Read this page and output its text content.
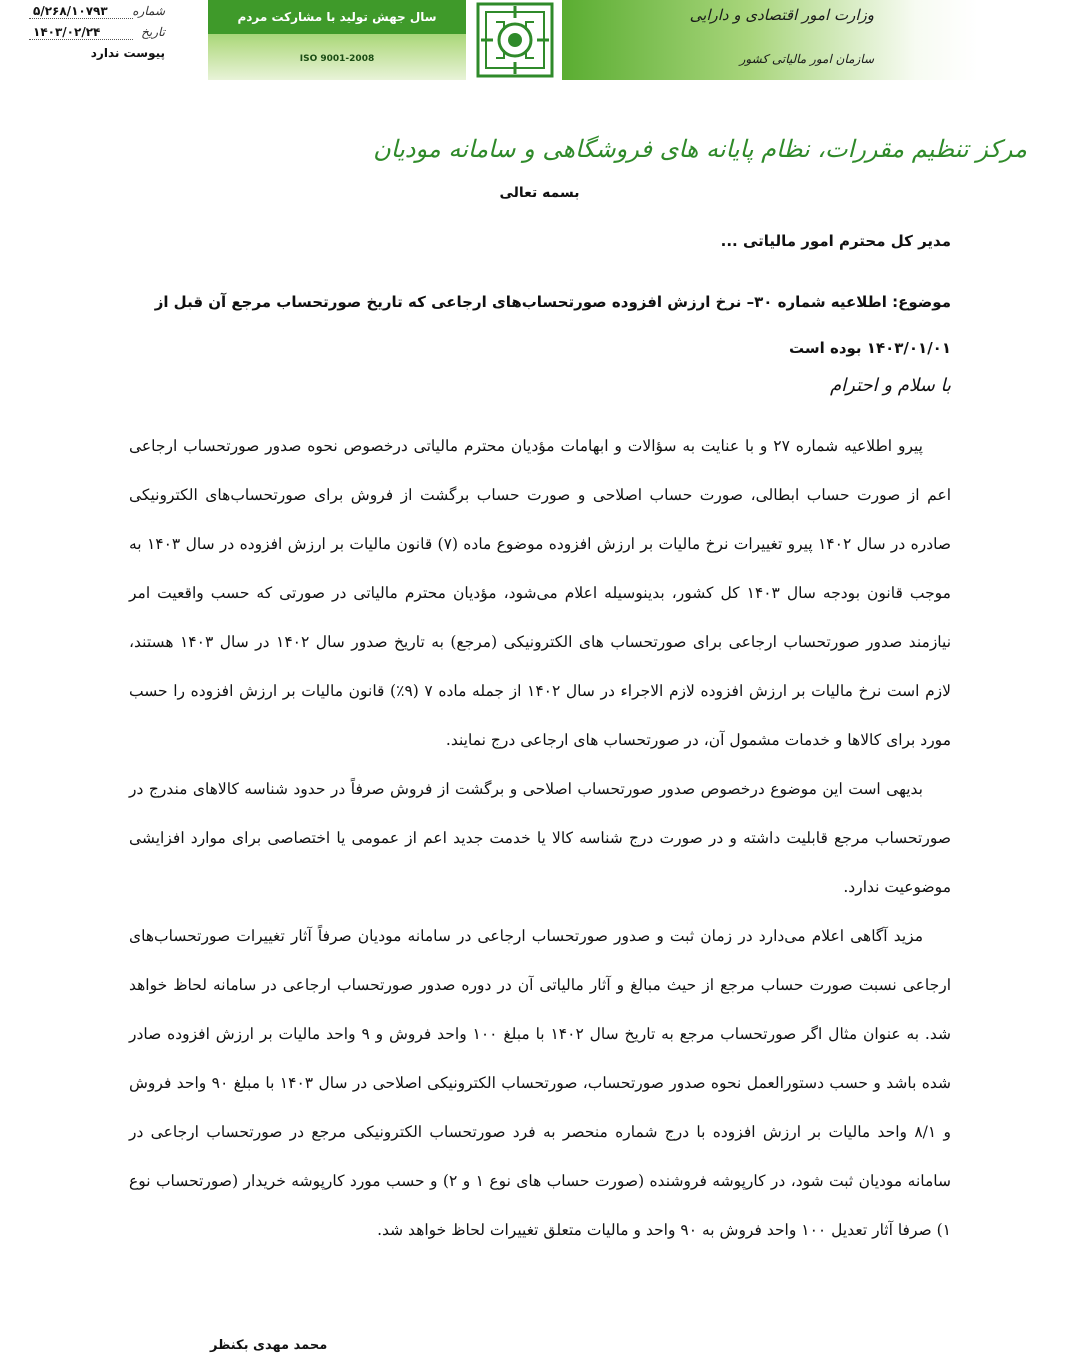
سال جهش تولید با مشارکت مردم
ISO 9001-2008
وزارت امور اقتصادی و دارایی
سازمان امور مالیاتی کشور
شماره
۵/۲۶۸/۱۰۷۹۳
تاریخ
۱۴۰۳/۰۲/۲۴
پیوست ندارد
مرکز تنظیم مقررات، نظام پایانه های فروشگاهی و سامانه مودیان
بسمه تعالی
مدیر کل محترم امور مالیاتی ...
موضوع: اطلاعیه شماره ۳۰– نرخ ارزش افزوده صورتحساب‌های ارجاعی که تاریخ صورتحساب مرجع آن قبل از ۱۴۰۳/۰۱/۰۱ بوده است
با سلام و احترام

پیرو اطلاعیه شماره ۲۷ و با عنایت به سؤالات و ابهامات مؤدیان محترم مالیاتی درخصوص نحوه صدور صورتحساب ارجاعی اعم از صورت حساب ابطالی، صورت حساب اصلاحی و صورت حساب برگشت از فروش برای صورتحساب‌های الکترونیکی صادره در سال ۱۴۰۲ پیرو تغییرات نرخ مالیات بر ارزش افزوده موضوع ماده (۷) قانون مالیات بر ارزش افزوده در سال ۱۴۰۳ به موجب قانون بودجه سال ۱۴۰۳ کل کشور، بدینوسیله اعلام می‌شود، مؤدیان محترم مالیاتی در صورتی که حسب واقعیت امر نیازمند صدور صورتحساب ارجاعی برای صورتحساب های الکترونیکی (مرجع) به تاریخ صدور سال ۱۴۰۲ در سال ۱۴۰۳ هستند، لازم است نرخ مالیات بر ارزش افزوده لازم الاجراء در سال ۱۴۰۲ از جمله ماده ۷ (۹٪) قانون مالیات بر ارزش افزوده را حسب مورد برای کالاها و خدمات مشمول آن، در صورتحساب های ارجاعی درج نمایند.

بدیهی است این موضوع درخصوص صدور صورتحساب اصلاحی و برگشت از فروش صرفاً در حدود شناسه کالاهای مندرج در صورتحساب مرجع قابلیت داشته و در صورت درج شناسه کالا یا خدمت جدید اعم از عمومی یا اختصاصی برای موارد افزایشی موضوعیت ندارد.

مزید آگاهی اعلام می‌دارد در زمان ثبت و صدور صورتحساب ارجاعی در سامانه مودیان صرفاً آثار تغییرات صورتحساب‌های ارجاعی نسبت صورت حساب مرجع از حیث مبالغ و آثار مالیاتی آن در دوره صدور صورتحساب ارجاعی در سامانه لحاظ خواهد شد. به عنوان مثال اگر صورتحساب مرجع به تاریخ سال ۱۴۰۲ با مبلغ ۱۰۰ واحد فروش و ۹ واحد مالیات بر ارزش افزوده صادر شده باشد و حسب دستورالعمل نحوه صدور صورتحساب، صورتحساب الکترونیکی اصلاحی در سال ۱۴۰۳ با مبلغ ۹۰ واحد فروش و ۸/۱ واحد مالیات بر ارزش افزوده با درج شماره منحصر به فرد صورتحساب الکترونیکی مرجع در صورتحساب ارجاعی در سامانه مودیان ثبت شود، در کارپوشه فروشنده (صورت حساب های نوع ۱ و ۲) و حسب مورد کارپوشه خریدار (صورتحساب نوع ۱) صرفا آثار تعدیل ۱۰۰ واحد فروش به ۹۰ واحد و مالیات متعلق تغییرات لحاظ خواهد شد.

محمد مهدی بکنظر
